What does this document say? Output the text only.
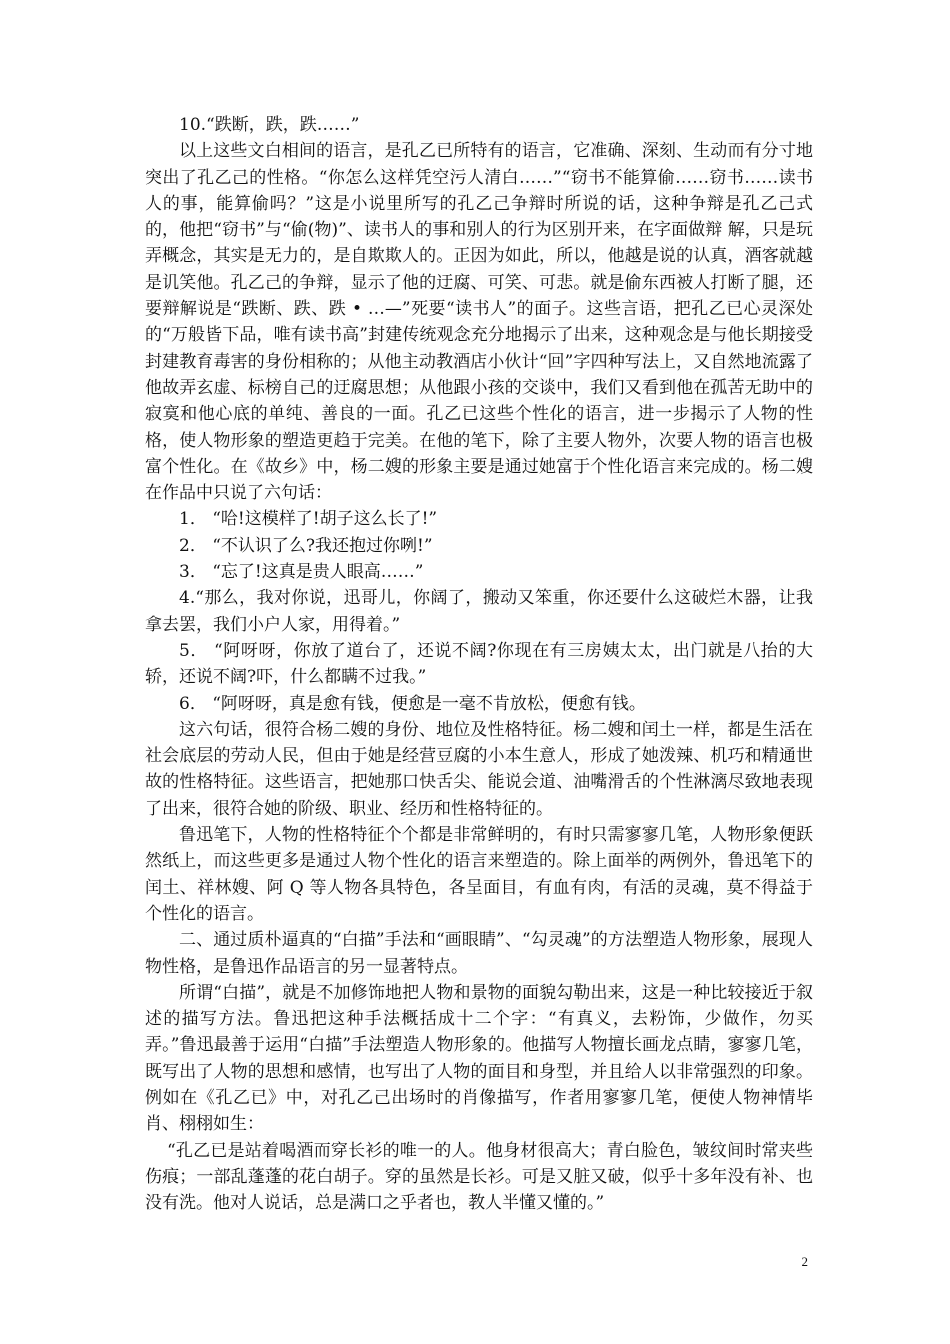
10.“跌断，跌，跌……”

以上这些文白相间的语言，是孔乙已所特有的语言，它准确、深刻、生动而有分寸地突出了孔乙己的性格。“你怎么这样凭空污人清白……”“窃书不能算偷……窃书……读书人的事，能算偷吗？”这是小说里所写的孔乙己争辩时所说的话，这种争辩是孔乙己式的，他把“窃书”与“偷(物)”、读书人的事和别人的行为区别开来，在字面做辩 解，只是玩弄概念，其实是无力的，是自欺欺人的。正因为如此，所以，他越是说的认真，酒客就越是讥笑他。孔乙己的争辩，显示了他的迂腐、可笑、可悲。就是偷东西被人打断了腿，还要辩解说是“跌断、跌、跌 • …—”死要“读书人”的面子。这些言语，把孔乙已心灵深处的“万般皆下品，唯有读书高”封建传统观念充分地揭示了出来，这种观念是与他长期接受封建教育毒害的身份相称的；从他主动教酒店小伙计“回”字四种写法上，又自然地流露了他故弄玄虚、标榜自己的迂腐思想；从他跟小孩的交谈中，我们又看到他在孤苦无助中的寂寞和他心底的单纯、善良的一面。孔乙已这些个性化的语言，进一步揭示了人物的性格，使人物形象的塑造更趋于完美。在他的笔下，除了主要人物外，次要人物的语言也极富个性化。在《故乡》中，杨二嫂的形象主要是通过她富于个性化语言来完成的。杨二嫂在作品中只说了六句话：

1． “哈!这模样了!胡子这么长了!”

2． “不认识了么?我还抱过你咧!”

3． “忘了!这真是贵人眼高……”

4.“那么，我对你说，迅哥儿，你阔了，搬动又笨重，你还要什么这破烂木器，让我拿去罢，我们小户人家，用得着。”

5． “阿呀呀，你放了道台了，还说不阔?你现在有三房姨太太，出门就是八抬的大轿，还说不阔?吓，什么都瞒不过我。”

6． “阿呀呀，真是愈有钱，便愈是一毫不肯放松，便愈有钱。

这六句话，很符合杨二嫂的身份、地位及性格特征。杨二嫂和闰土一样，都是生活在社会底层的劳动人民，但由于她是经营豆腐的小本生意人，形成了她泼辣、机巧和精通世故的性格特征。这些语言，把她那口快舌尖、能说会道、油嘴滑舌的个性淋漓尽致地表现了出来，很符合她的阶级、职业、经历和性格特征的。

鲁迅笔下，人物的性格特征个个都是非常鲜明的，有时只需寥寥几笔，人物形象便跃然纸上，而这些更多是通过人物个性化的语言来塑造的。除上面举的两例外，鲁迅笔下的闰土、祥林嫂、阿 Q 等人物各具特色，各呈面目，有血有肉，有活的灵魂，莫不得益于个性化的语言。

二、通过质朴逼真的“白描”手法和“画眼睛”、“勾灵魂”的方法塑造人物形象，展现人物性格，是鲁迅作品语言的另一显著特点。

所谓“白描”，就是不加修饰地把人物和景物的面貌勾勒出来，这是一种比较接近于叙述的描写方法。鲁迅把这种手法概括成十二个字：“有真义，去粉饰，少做作，勿买弄。”鲁迅最善于运用“白描”手法塑造人物形象的。他描写人物擅长画龙点睛，寥寥几笔，既写出了人物的思想和感情，也写出了人物的面目和身型，并且给人以非常强烈的印象。例如在《孔乙已》中，对孔乙己出场时的肖像描写，作者用寥寥几笔，便使人物神情毕肖、栩栩如生：

“孔乙已是站着喝酒而穿长衫的唯一的人。他身材很高大；青白脸色，皱纹间时常夹些伤痕；一部乱蓬蓬的花白胡子。穿的虽然是长衫。可是又脏又破，似乎十多年没有补、也没有洗。他对人说话，总是满口之乎者也，教人半懂又懂的。”

2
